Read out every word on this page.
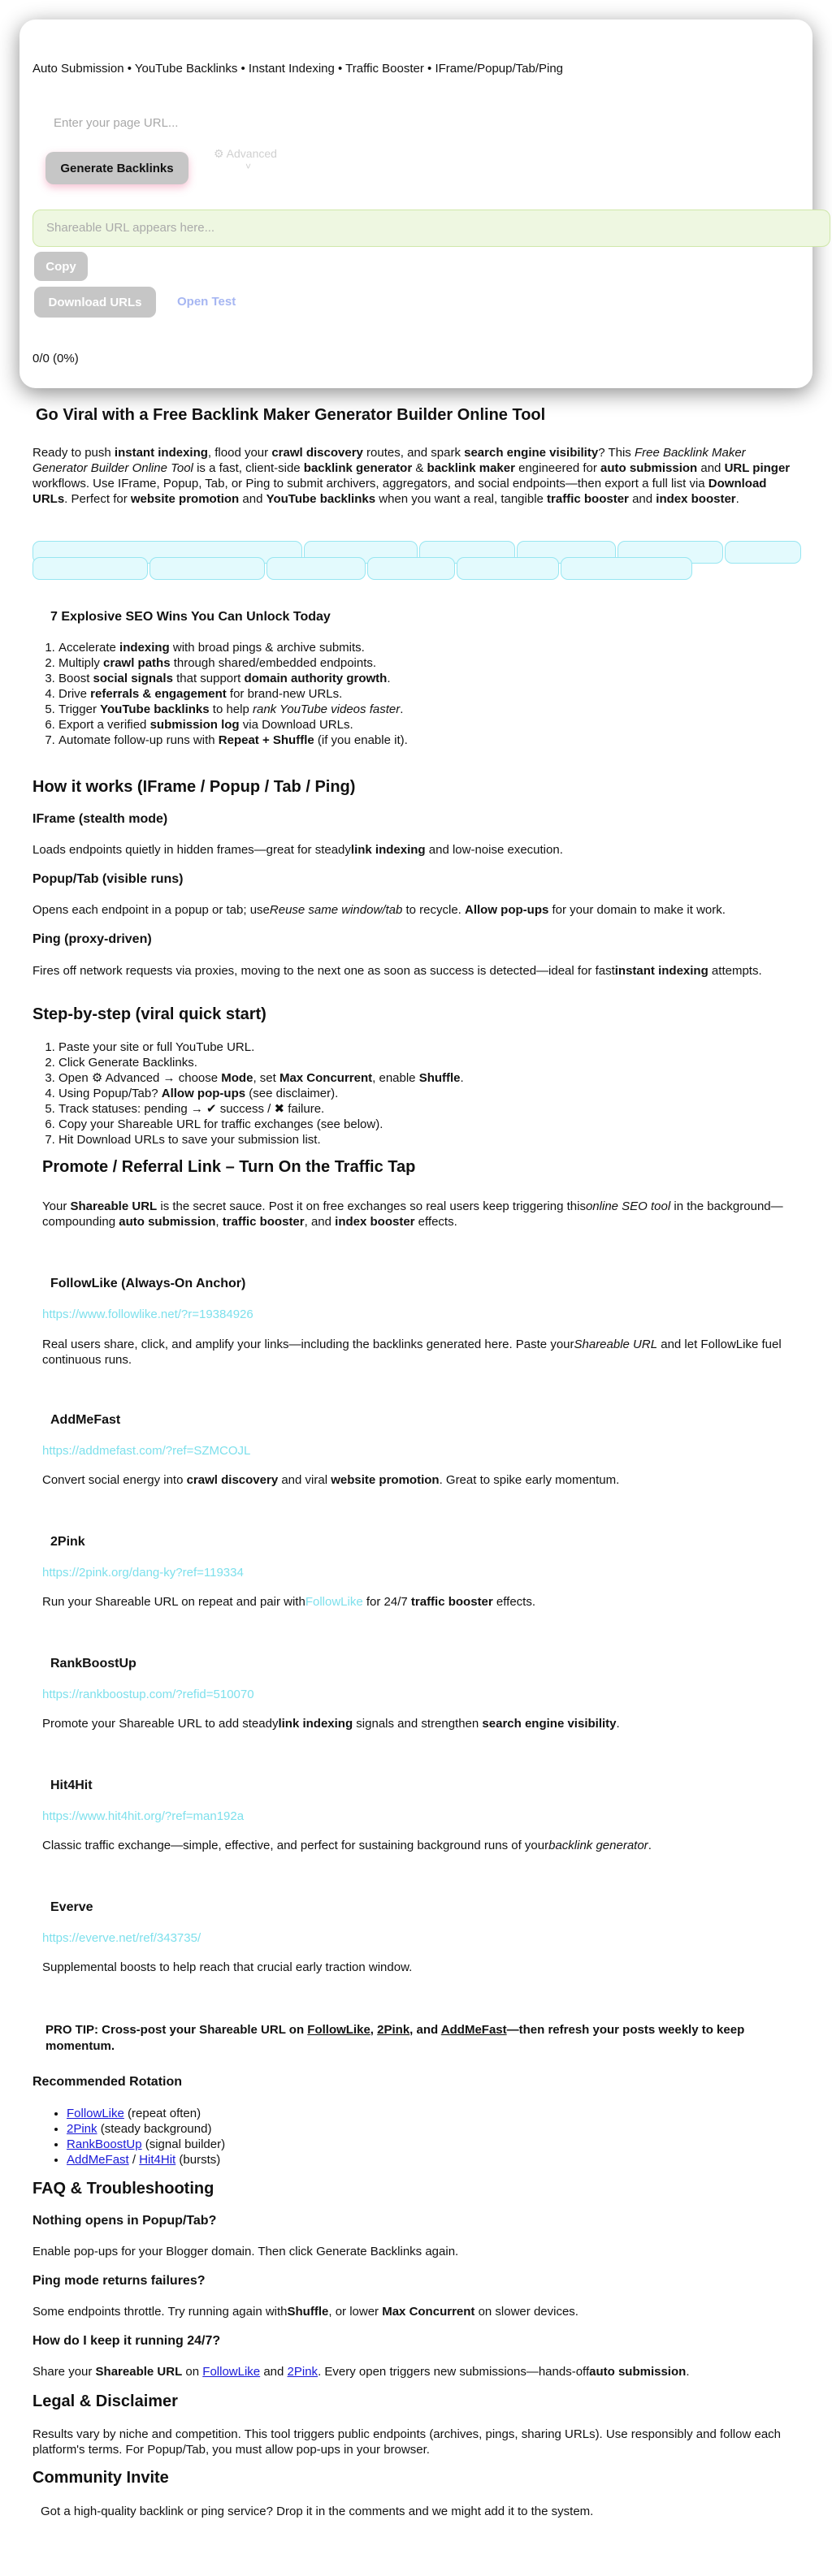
Auto Submission • YouTube Backlinks • Instant Indexing • Traffic Booster • IFrame/Popup/Tab/Ping
Enter your page URL...
Generate Backlinks
⚙ Advanced
˅
Shareable URL appears here...
Copy
Download URLs	Open Test
0/0 (0%)
Go Viral with a Free Backlink Maker Generator Builder Online Tool

Ready to push instant indexing, flood your crawl discovery routes, and spark search engine visibility? This Free Backlink Maker Generator Builder Online Tool is a fast, client-side backlink generator & backlink maker engineered for auto submission and URL pinger workflows. Use IFrame, Popup, Tab, or Ping to submit archivers, aggregators, and social endpoints—then export a full list via Download URLs. Perfect for website promotion and YouTube backlinks when you want a real, tangible traffic booster and index booster.

7 Explosive SEO Wins You Can Unlock Today
1. Accelerate indexing with broad pings & archive submits.
2. Multiply crawl paths through shared/embedded endpoints.
3. Boost social signals that support domain authority growth.
4. Drive referrals & engagement for brand-new URLs.
5. Trigger YouTube backlinks to help rank YouTube videos faster.
6. Export a verified submission log via Download URLs.
7. Automate follow-up runs with Repeat + Shuffle (if you enable it).
How it works (IFrame / Popup / Tab / Ping)
IFrame (stealth mode)

Loads endpoints quietly in hidden frames—great for steadylink indexing and low-noise execution.

Popup/Tab (visible runs)

Opens each endpoint in a popup or tab; useReuse same window/tab to recycle. Allow pop-ups for your domain to make it work.

Ping (proxy-driven)

Fires off network requests via proxies, moving to the next one as soon as success is detected—ideal for fastinstant indexing attempts.

Step-by-step (viral quick start)
1. Paste your site or full YouTube URL.
2. Click Generate Backlinks.
3. Open ⚙ Advanced → choose Mode, set Max Concurrent, enable Shuffle.
4. Using Popup/Tab? Allow pop-ups (see disclaimer).
5. Track statuses: pending → ✔ success / ✖ failure.
6. Copy your Shareable URL for traffic exchanges (see below).
7. Hit Download URLs to save your submission list.
Promote / Referral Link – Turn On the Traffic Tap

Your Shareable URL is the secret sauce. Post it on free exchanges so real users keep triggering thisonline SEO tool in the background—compounding auto submission, traffic booster, and index booster effects.

FollowLike (Always-On Anchor)
https://www.followlike.net/?r=19384926

Real users share, click, and amplify your links—including the backlinks generated here. Paste yourShareable URL and let FollowLike fuel continuous runs.

AddMeFast
https://addmefast.com/?ref=SZMCOJL

Convert social energy into crawl discovery and viral website promotion. Great to spike early momentum.

2Pink
https://2pink.org/dang-ky?ref=119334

Run your Shareable URL on repeat and pair withFollowLike for 24/7 traffic booster effects.

RankBoostUp
https://rankboostup.com/?refid=510070

Promote your Shareable URL to add steadylink indexing signals and strengthen search engine visibility.

Hit4Hit
https://www.hit4hit.org/?ref=man192a

Classic traffic exchange—simple, effective, and perfect for sustaining background runs of yourbacklink generator.

Everve
https://everve.net/ref/343735/

Supplemental boosts to help reach that crucial early traction window.

PRO TIP: Cross-post your Shareable URL on FollowLike, 2Pink, and AddMeFast—then refresh your posts weekly to keep momentum.

Recommended Rotation
• FollowLike (repeat often)
• 2Pink (steady background)
• RankBoostUp (signal builder)
• AddMeFast / Hit4Hit (bursts)
FAQ & Troubleshooting
Nothing opens in Popup/Tab?

Enable pop-ups for your Blogger domain. Then click Generate Backlinks again.

Ping mode returns failures?

Some endpoints throttle. Try running again withShuffle, or lower Max Concurrent on slower devices.

How do I keep it running 24/7?

Share your Shareable URL on FollowLike and 2Pink. Every open triggers new submissions—hands-offauto submission.

Legal & Disclaimer

Results vary by niche and competition. This tool triggers public endpoints (archives, pings, sharing URLs). Use responsibly and follow each platform's terms. For Popup/Tab, you must allow pop-ups in your browser.

Community Invite

Got a high-quality backlink or ping service? Drop it in the comments and we might add it to the system.
